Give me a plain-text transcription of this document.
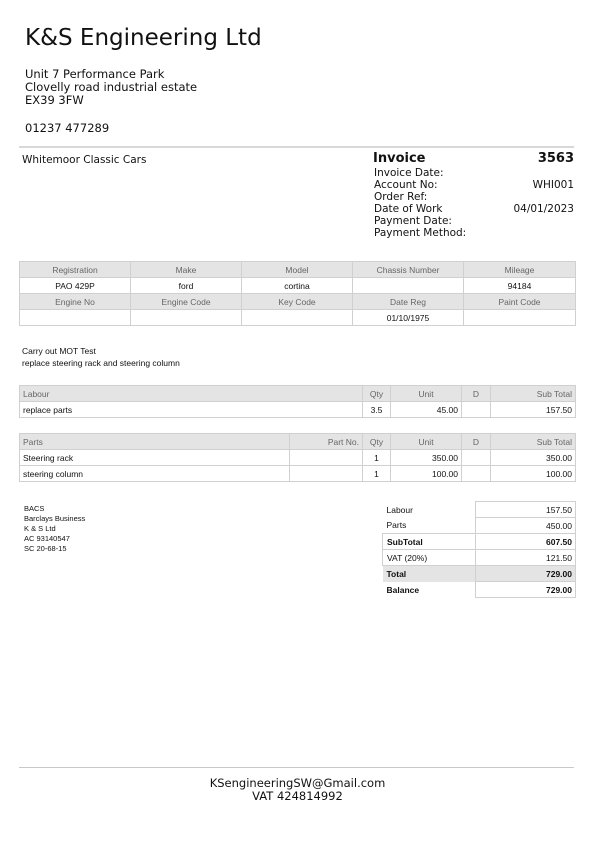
K&S Engineering Ltd
Unit 7 Performance Park
Clovelly road industrial estate
EX39 3FW
01237 477289
Whitemoor Classic Cars	Invoice	3563
Invoice Date:
Account No:	WHI001
Order Ref:
Date of Work	04/01/2023
Payment Date:
Payment Method:
Registration	Make	Model	Chassis Number	Mileage
PAO 429P	ford	cortina		94184
Engine No	Engine Code	Key Code	Date Reg	Paint Code
			01/10/1975	
Carry out MOT Test
replace steering rack and steering column
Labour	Qty	Unit	D	Sub Total
replace parts	3.5	45.00		157.50
Parts	Part No.	Qty	Unit	D	Sub Total
Steering rack		1	350.00		350.00
steering column		1	100.00		100.00
BACS
Barclays Business
K & S Ltd
AC 93140547
SC 20-68-15
Labour	157.50
Parts	450.00
SubTotal	607.50
VAT (20%)	121.50
Total	729.00
Balance	729.00
KSengineeringSW@Gmail.com
VAT 424814992
